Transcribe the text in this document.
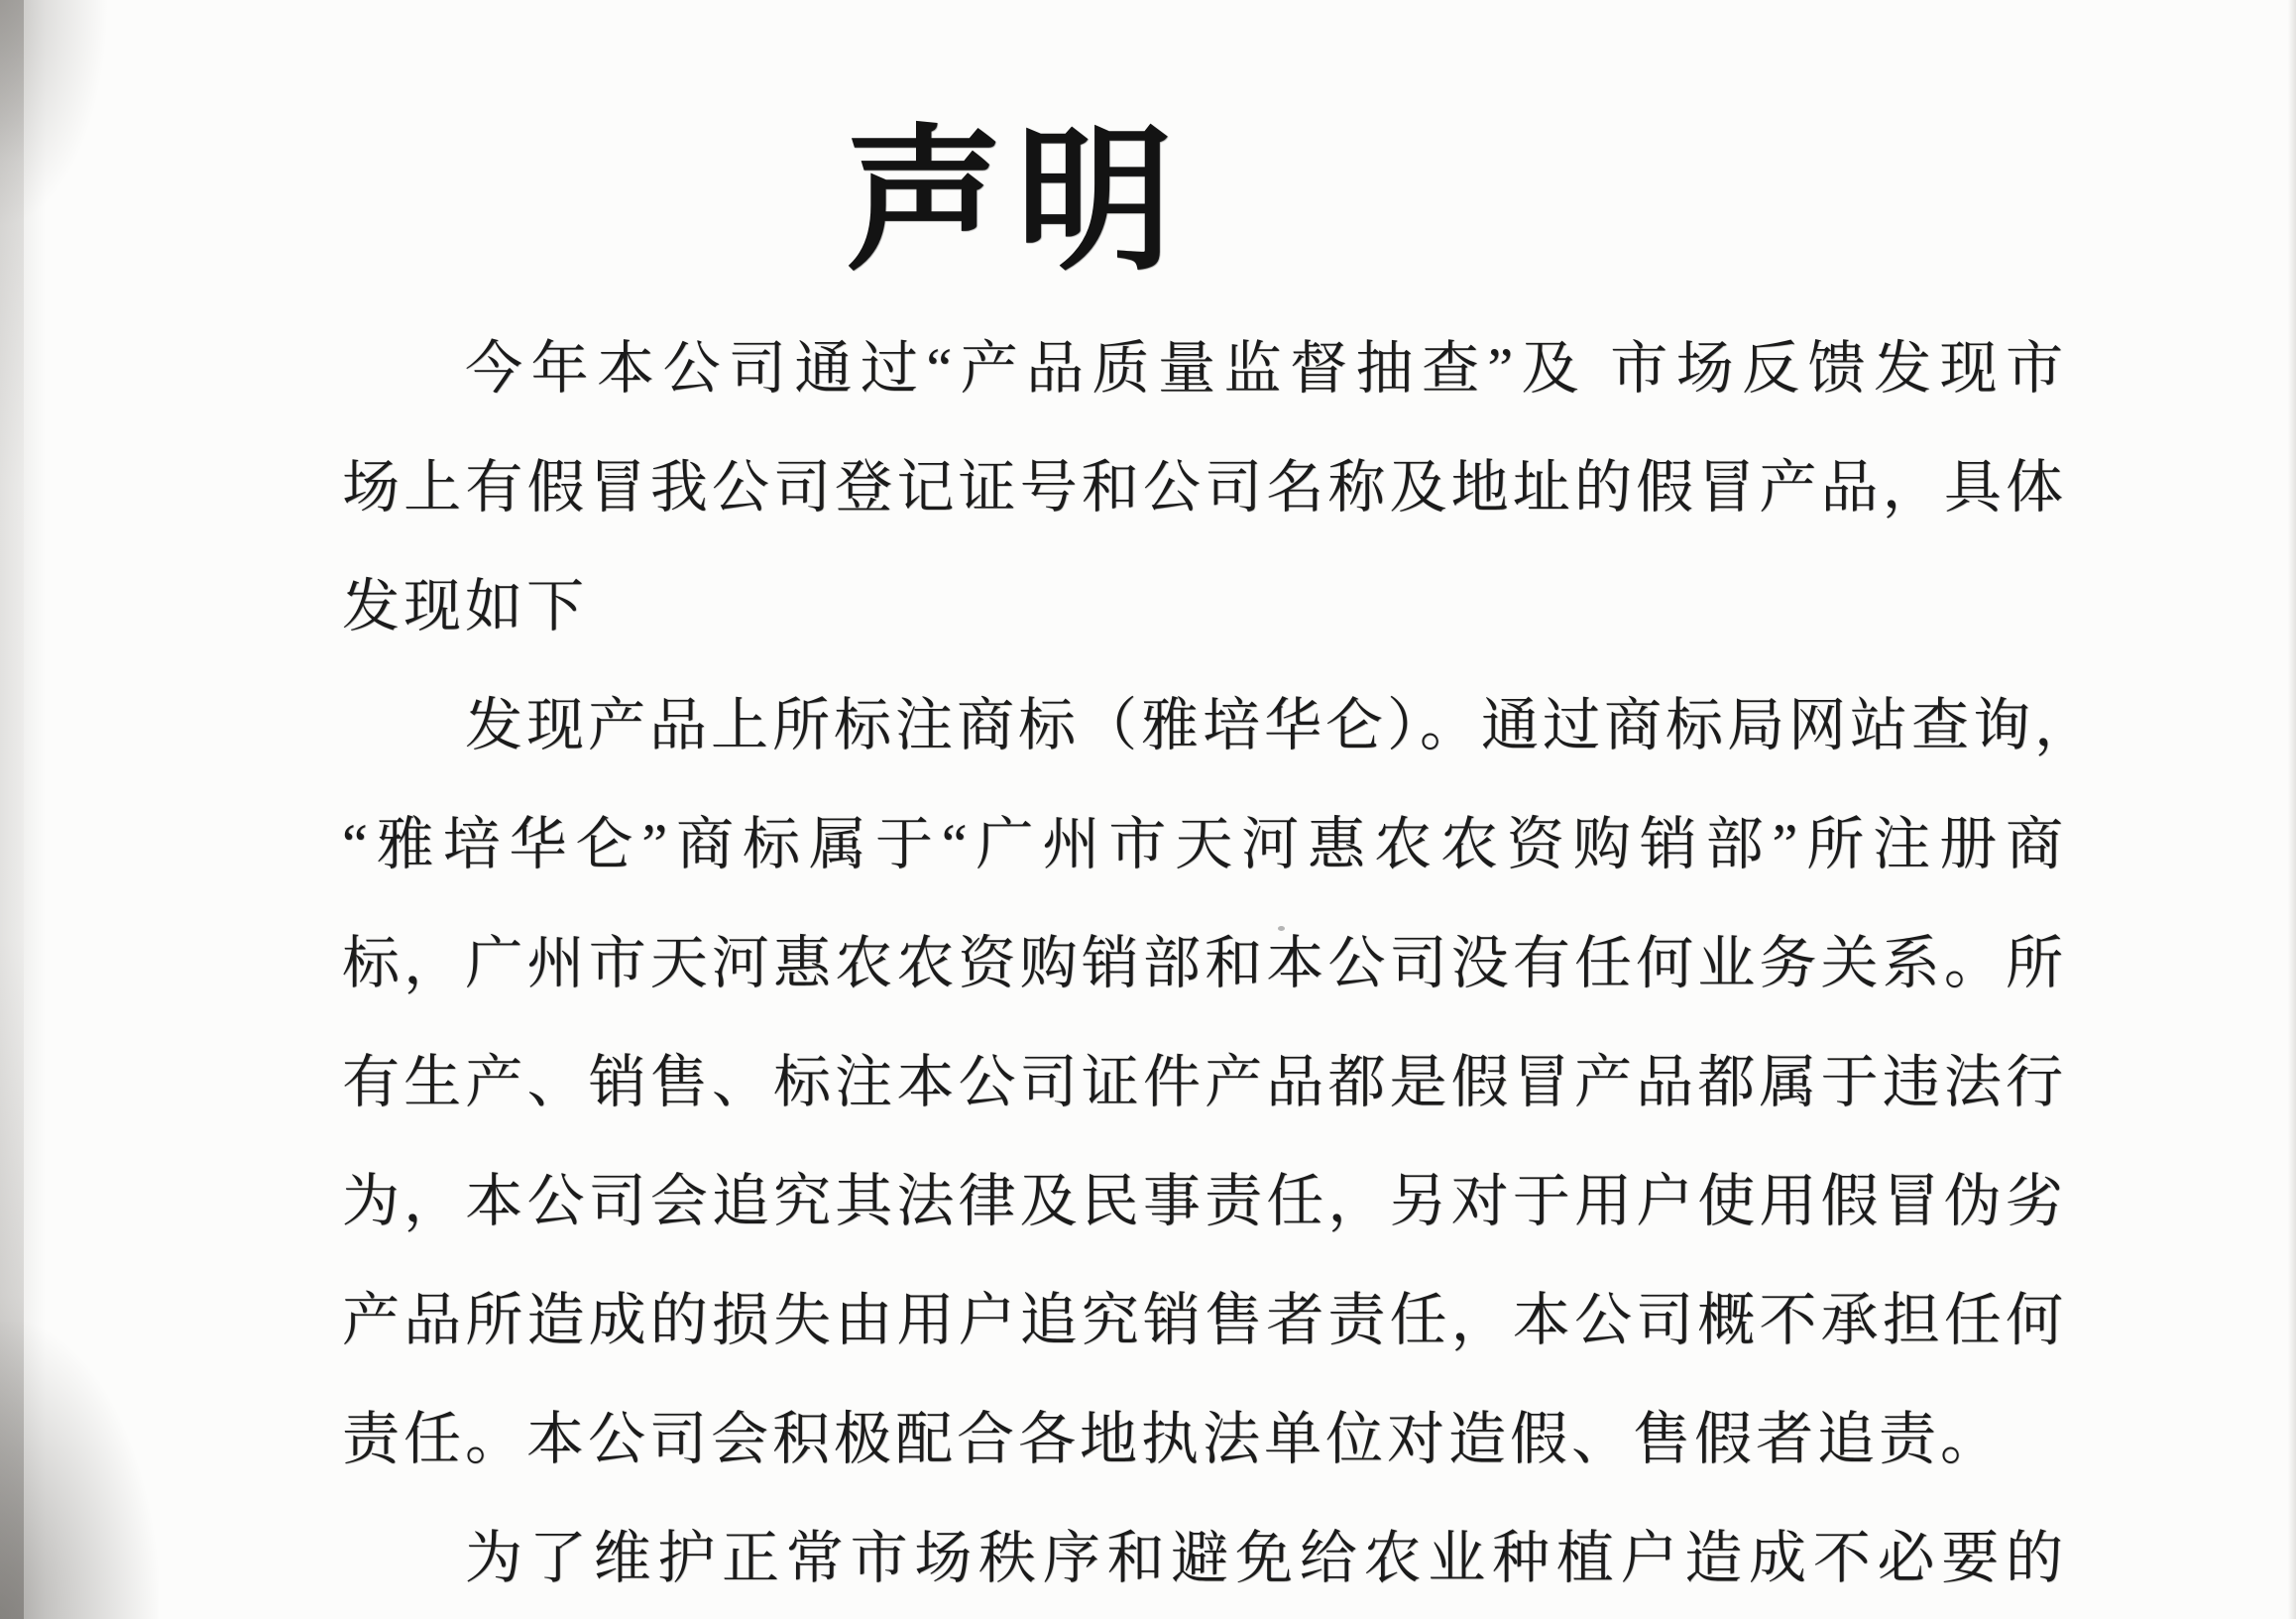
声明
今年本公司通过“产品质量监督抽查”及 市场反馈发现市
场上有假冒我公司登记证号和公司名称及地址的假冒产品，具体
发现如下
发现产品上所标注商标（雅培华仑）。通过商标局网站查询，
“雅培华仑”商标属于“广州市天河惠农农资购销部”所注册商
标，广州市天河惠农农资购销部和本公司没有任何业务关系。所
有生产、销售、标注本公司证件产品都是假冒产品都属于违法行
为，本公司会追究其法律及民事责任，另对于用户使用假冒伪劣
产品所造成的损失由用户追究销售者责任，本公司概不承担任何
责任。本公司会积极配合各地执法单位对造假、售假者追责。
为了维护正常市场秩序和避免给农业种植户造成不必要的
